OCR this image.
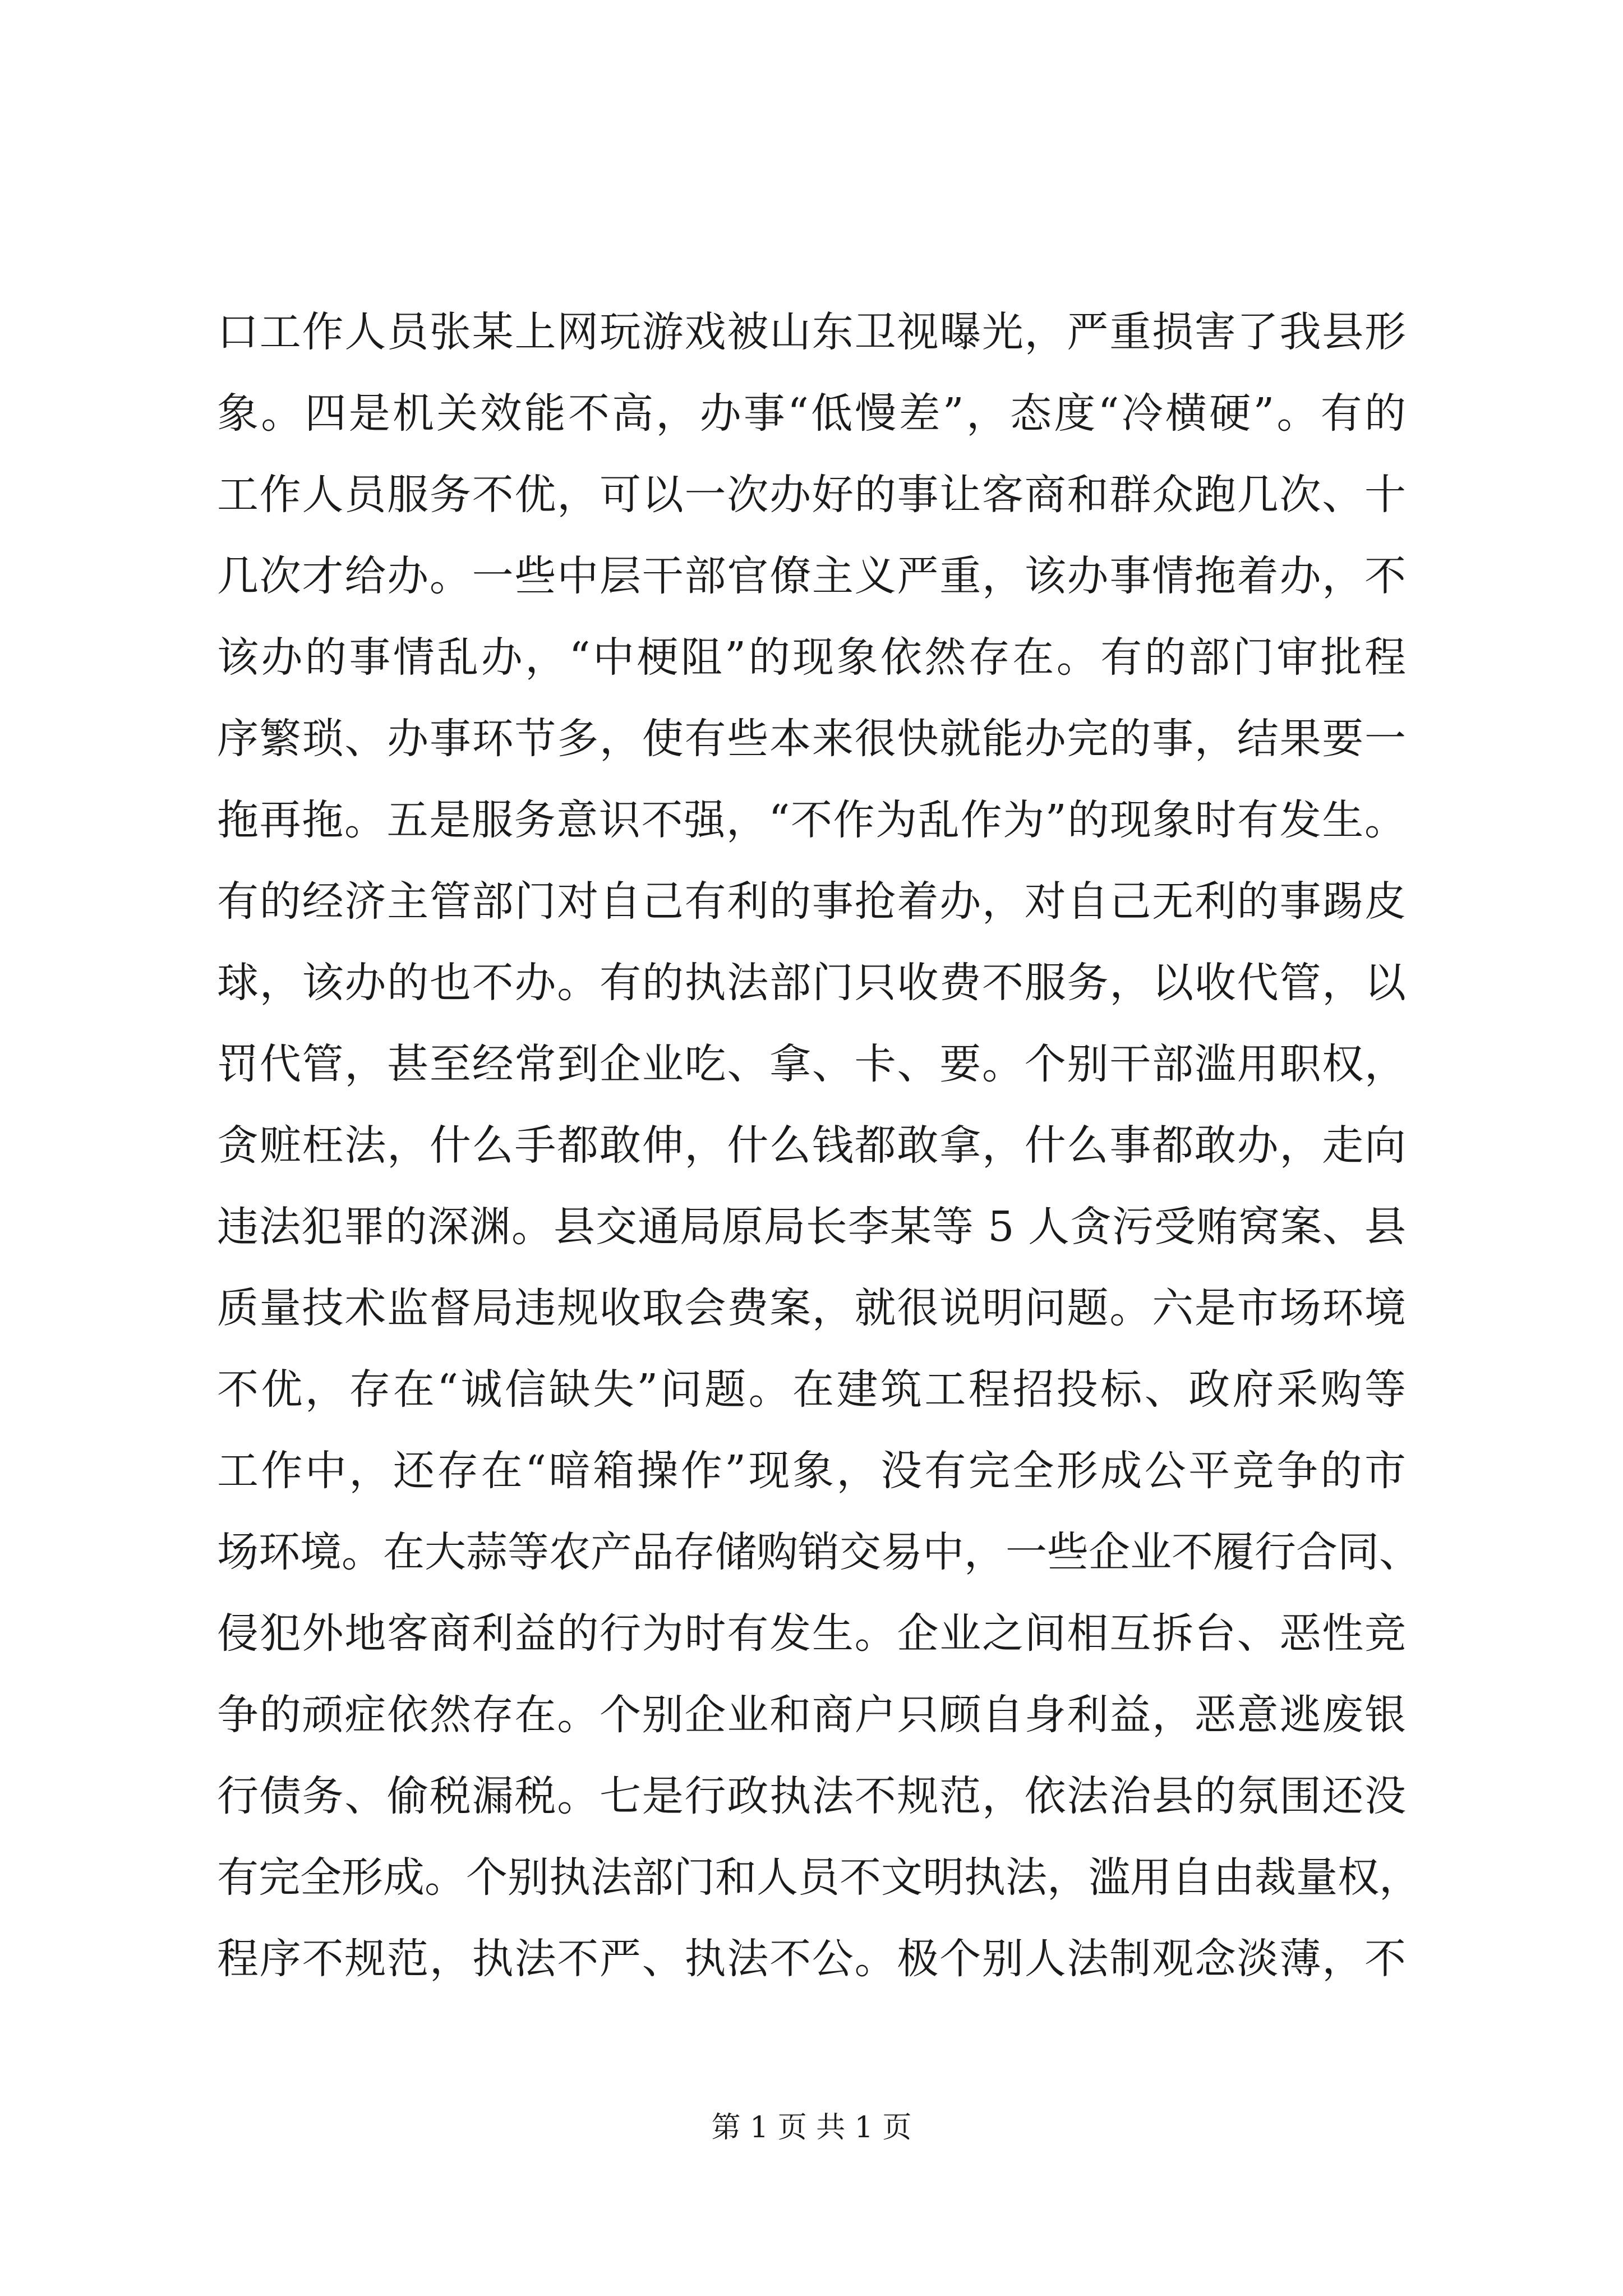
口工作人员张某上网玩游戏被山东卫视曝光，严重损害了我县形
象。四是机关效能不高，办事“低慢差”，态度“冷横硬”。有的
工作人员服务不优，可以一次办好的事让客商和群众跑几次、十
几次才给办。一些中层干部官僚主义严重，该办事情拖着办，不
该办的事情乱办，“中梗阻”的现象依然存在。有的部门审批程
序繁琐、办事环节多，使有些本来很快就能办完的事，结果要一
拖再拖。五是服务意识不强，“不作为乱作为”的现象时有发生。
有的经济主管部门对自己有利的事抢着办，对自己无利的事踢皮
球，该办的也不办。有的执法部门只收费不服务，以收代管，以
罚代管，甚至经常到企业吃、拿、卡、要。个别干部滥用职权，
贪赃枉法，什么手都敢伸，什么钱都敢拿，什么事都敢办，走向
违法犯罪的深渊。县交通局原局长李某等 5 人贪污受贿窝案、县
质量技术监督局违规收取会费案，就很说明问题。六是市场环境
不优，存在“诚信缺失”问题。在建筑工程招投标、政府采购等
工作中，还存在“暗箱操作”现象，没有完全形成公平竞争的市
场环境。在大蒜等农产品存储购销交易中，一些企业不履行合同、
侵犯外地客商利益的行为时有发生。企业之间相互拆台、恶性竞
争的顽症依然存在。个别企业和商户只顾自身利益，恶意逃废银
行债务、偷税漏税。七是行政执法不规范，依法治县的氛围还没
有完全形成。个别执法部门和人员不文明执法，滥用自由裁量权，
程序不规范，执法不严、执法不公。极个别人法制观念淡薄，不
第 1 页 共 1 页
